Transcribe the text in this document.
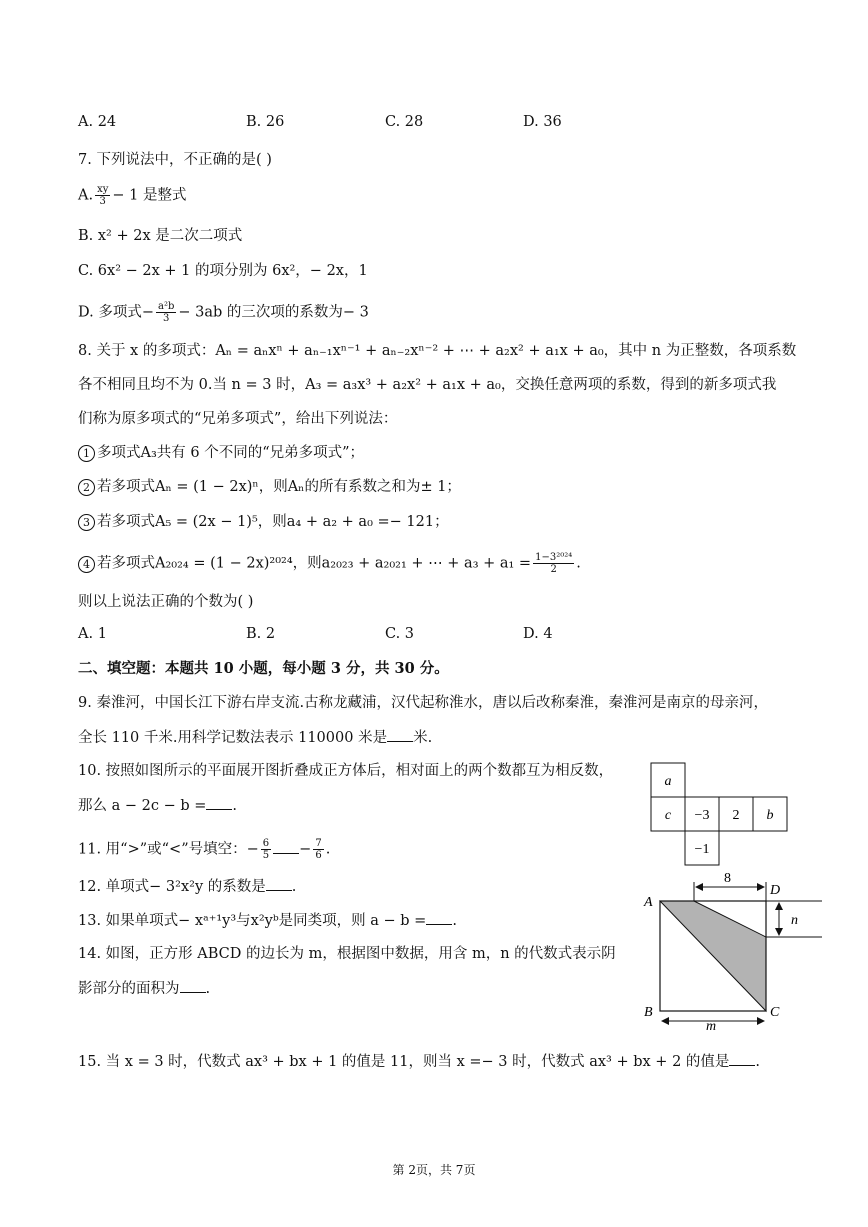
A. 24	B. 26	C. 28	D. 36
7. 下列说法中，不正确的是( )
A. $\frac{xy}{3} - 1$ 是整式
B. x² + 2x 是二次二项式
C. 6x² − 2x + 1 的项分别为 6x²，− 2x，1
D. 多项式− $\frac{\text{a²b}}{3} - 3ab$ 的三次项的系数为− 3
8. 关于 x 的多项式：Aₙ = aₙxⁿ + aₙ₋₁xⁿ⁻¹ + aₙ₋₂xⁿ⁻² + ⋯ + a₂x² + a₁x + a₀，其中 n 为正整数，各项系数
各不相同且均不为 0.当 n = 3 时，A₃ = a₃x³ + a₂x² + a₁x + a₀，交换任意两项的系数，得到的新多项式我
们称为原多项式的“兄弟多项式”，给出下列说法：
1 多项式A₃共有 6 个不同的“兄弟多项式”；
2 若多项式Aₙ = (1 − 2x)ⁿ，则Aₙ的所有系数之和为± 1；
3 若多项式A₅ = (2x − 1)⁵，则a₄ + a₂ + a₀ =− 121；
4 若多项式A₂₀₂₄ = (1 − 2x)²⁰²⁴，则a₂₀₂₃ + a₂₀₂₁ + ⋯ + $a_3 + a_1 = \frac{\text{1−3²⁰²⁴}}{2}$ .
则以上说法正确的个数为( )
A. 1	B. 2	C. 3	D. 4
二、填空题：本题共 10 小题，每小题 3 分，共 30 分。
9. 秦淮河，中国长江下游右岸支流.古称龙藏浦，汉代起称淮水，唐以后改称秦淮，秦淮河是南京的母亲河，
全长 110 千米.用科学记数法表示 110000 米是 米.
10. 按照如图所示的平面展开图折叠成正方体后，相对面上的两个数都互为相反数，
那么 a − 2c − b = .
a
c −3 2 b
−1
11. 用“>”或“<”号填空：− $\frac{6}{5} - \frac{7}{6}$ .
12. 单项式− 3²x²y 的系数是 .
13. 如果单项式− xᵃ⁺¹y³与x²yᵇ是同类项，则 a − b = .
14. 如图，正方形 ABCD 的边长为 m，根据图中数据，用含 m，n 的代数式表示阴
影部分的面积为 .
A
D
B	C
n
m
8
15. 当 x = 3 时，代数式 ax³ + bx + 1 的值是 11，则当 x =− 3 时，代数式 ax³ + bx + 2 的值是 .
第 2页，共 7页
